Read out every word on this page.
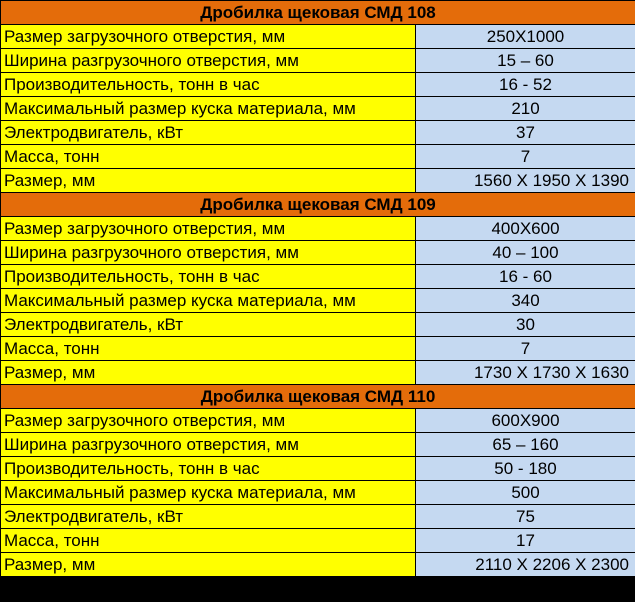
Дробилка щековая СМД 108	
Размер загрузочного отверстия, мм	250Х1000
Ширина разгрузочного отверстия, мм	15 – 60
Производительность, тонн в час	16 - 52
Максимальный размер куска материала, мм	210
Электродвигатель, кВт	37
Масса, тонн	7
Размер, мм	1560 Х 1950 Х 1390
Дробилка щековая СМД 109	
Размер загрузочного отверстия, мм	400Х600
Ширина разгрузочного отверстия, мм	40 – 100
Производительность, тонн в час	16 - 60
Максимальный размер куска материала, мм	340
Электродвигатель, кВт	30
Масса, тонн	7
Размер, мм	1730 Х 1730 Х 1630
Дробилка щековая СМД 110	
Размер загрузочного отверстия, мм	600Х900
Ширина разгрузочного отверстия, мм	65 – 160
Производительность, тонн в час	50 - 180
Максимальный размер куска материала, мм	500
Электродвигатель, кВт	75
Масса, тонн	17
Размер, мм	2110 Х 2206 Х 2300
